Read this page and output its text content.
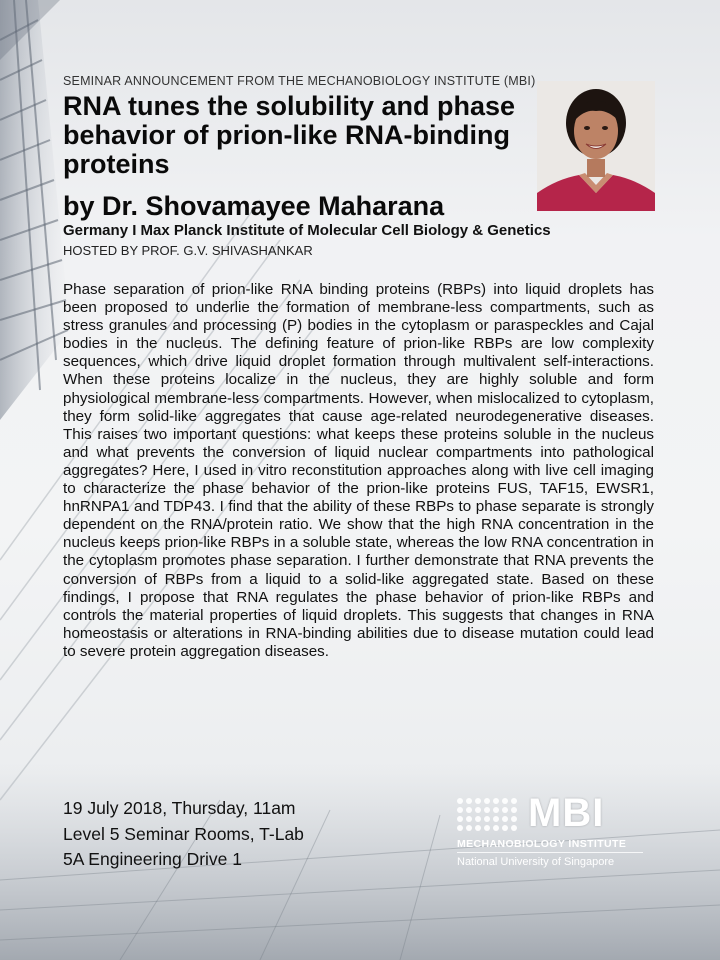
SEMINAR ANNOUNCEMENT FROM THE MECHANOBIOLOGY INSTITUTE (MBI)
RNA tunes the solubility and phase behavior of prion-like RNA-binding proteins
by Dr. Shovamayee Maharana
Germany I Max Planck Institute of Molecular Cell Biology & Genetics
HOSTED BY PROF. G.V. SHIVASHANKAR

Phase separation of prion-like RNA binding proteins (RBPs) into liquid droplets has been proposed to underlie the formation of membrane-less compartments, such as stress granules and processing (P) bodies in the cytoplasm or paraspeckles and Cajal bodies in the nucleus. The defining feature of prion-like RBPs are low complexity sequences, which drive liquid droplet formation through multivalent self-interactions. When these proteins localize in the nucleus, they are highly soluble and form physiological membrane-less compartments. However, when mislocalized to cytoplasm, they form solid-like aggregates that cause age-related neurodegenerative diseases. This raises two important questions: what keeps these proteins soluble in the nucleus and what prevents the conversion of liquid nuclear compartments into pathological aggregates? Here, I used in vitro reconstitution approaches along with live cell imaging to characterize the phase behavior of the prion-like proteins FUS, TAF15, EWSR1, hnRNPA1 and TDP43. I find that the ability of these RBPs to phase separate is strongly dependent on the RNA/protein ratio. We show that the high RNA concentration in the nucleus keeps prion-like RBPs in a soluble state, whereas the low RNA concentration in the cytoplasm promotes phase separation. I further demonstrate that RNA prevents the conversion of RBPs from a liquid to a solid-like aggregated state. Based on these findings, I propose that RNA regulates the phase behavior of prion-like RBPs and controls the material properties of liquid droplets. This suggests that changes in RNA homeostasis or alterations in RNA-binding abilities due to disease mutation could lead to severe protein aggregation diseases.

19 July 2018, Thursday, 11am
Level 5 Seminar Rooms, T-Lab
5A Engineering Drive 1
MBI
MECHANOBIOLOGY INSTITUTE
National University of Singapore
